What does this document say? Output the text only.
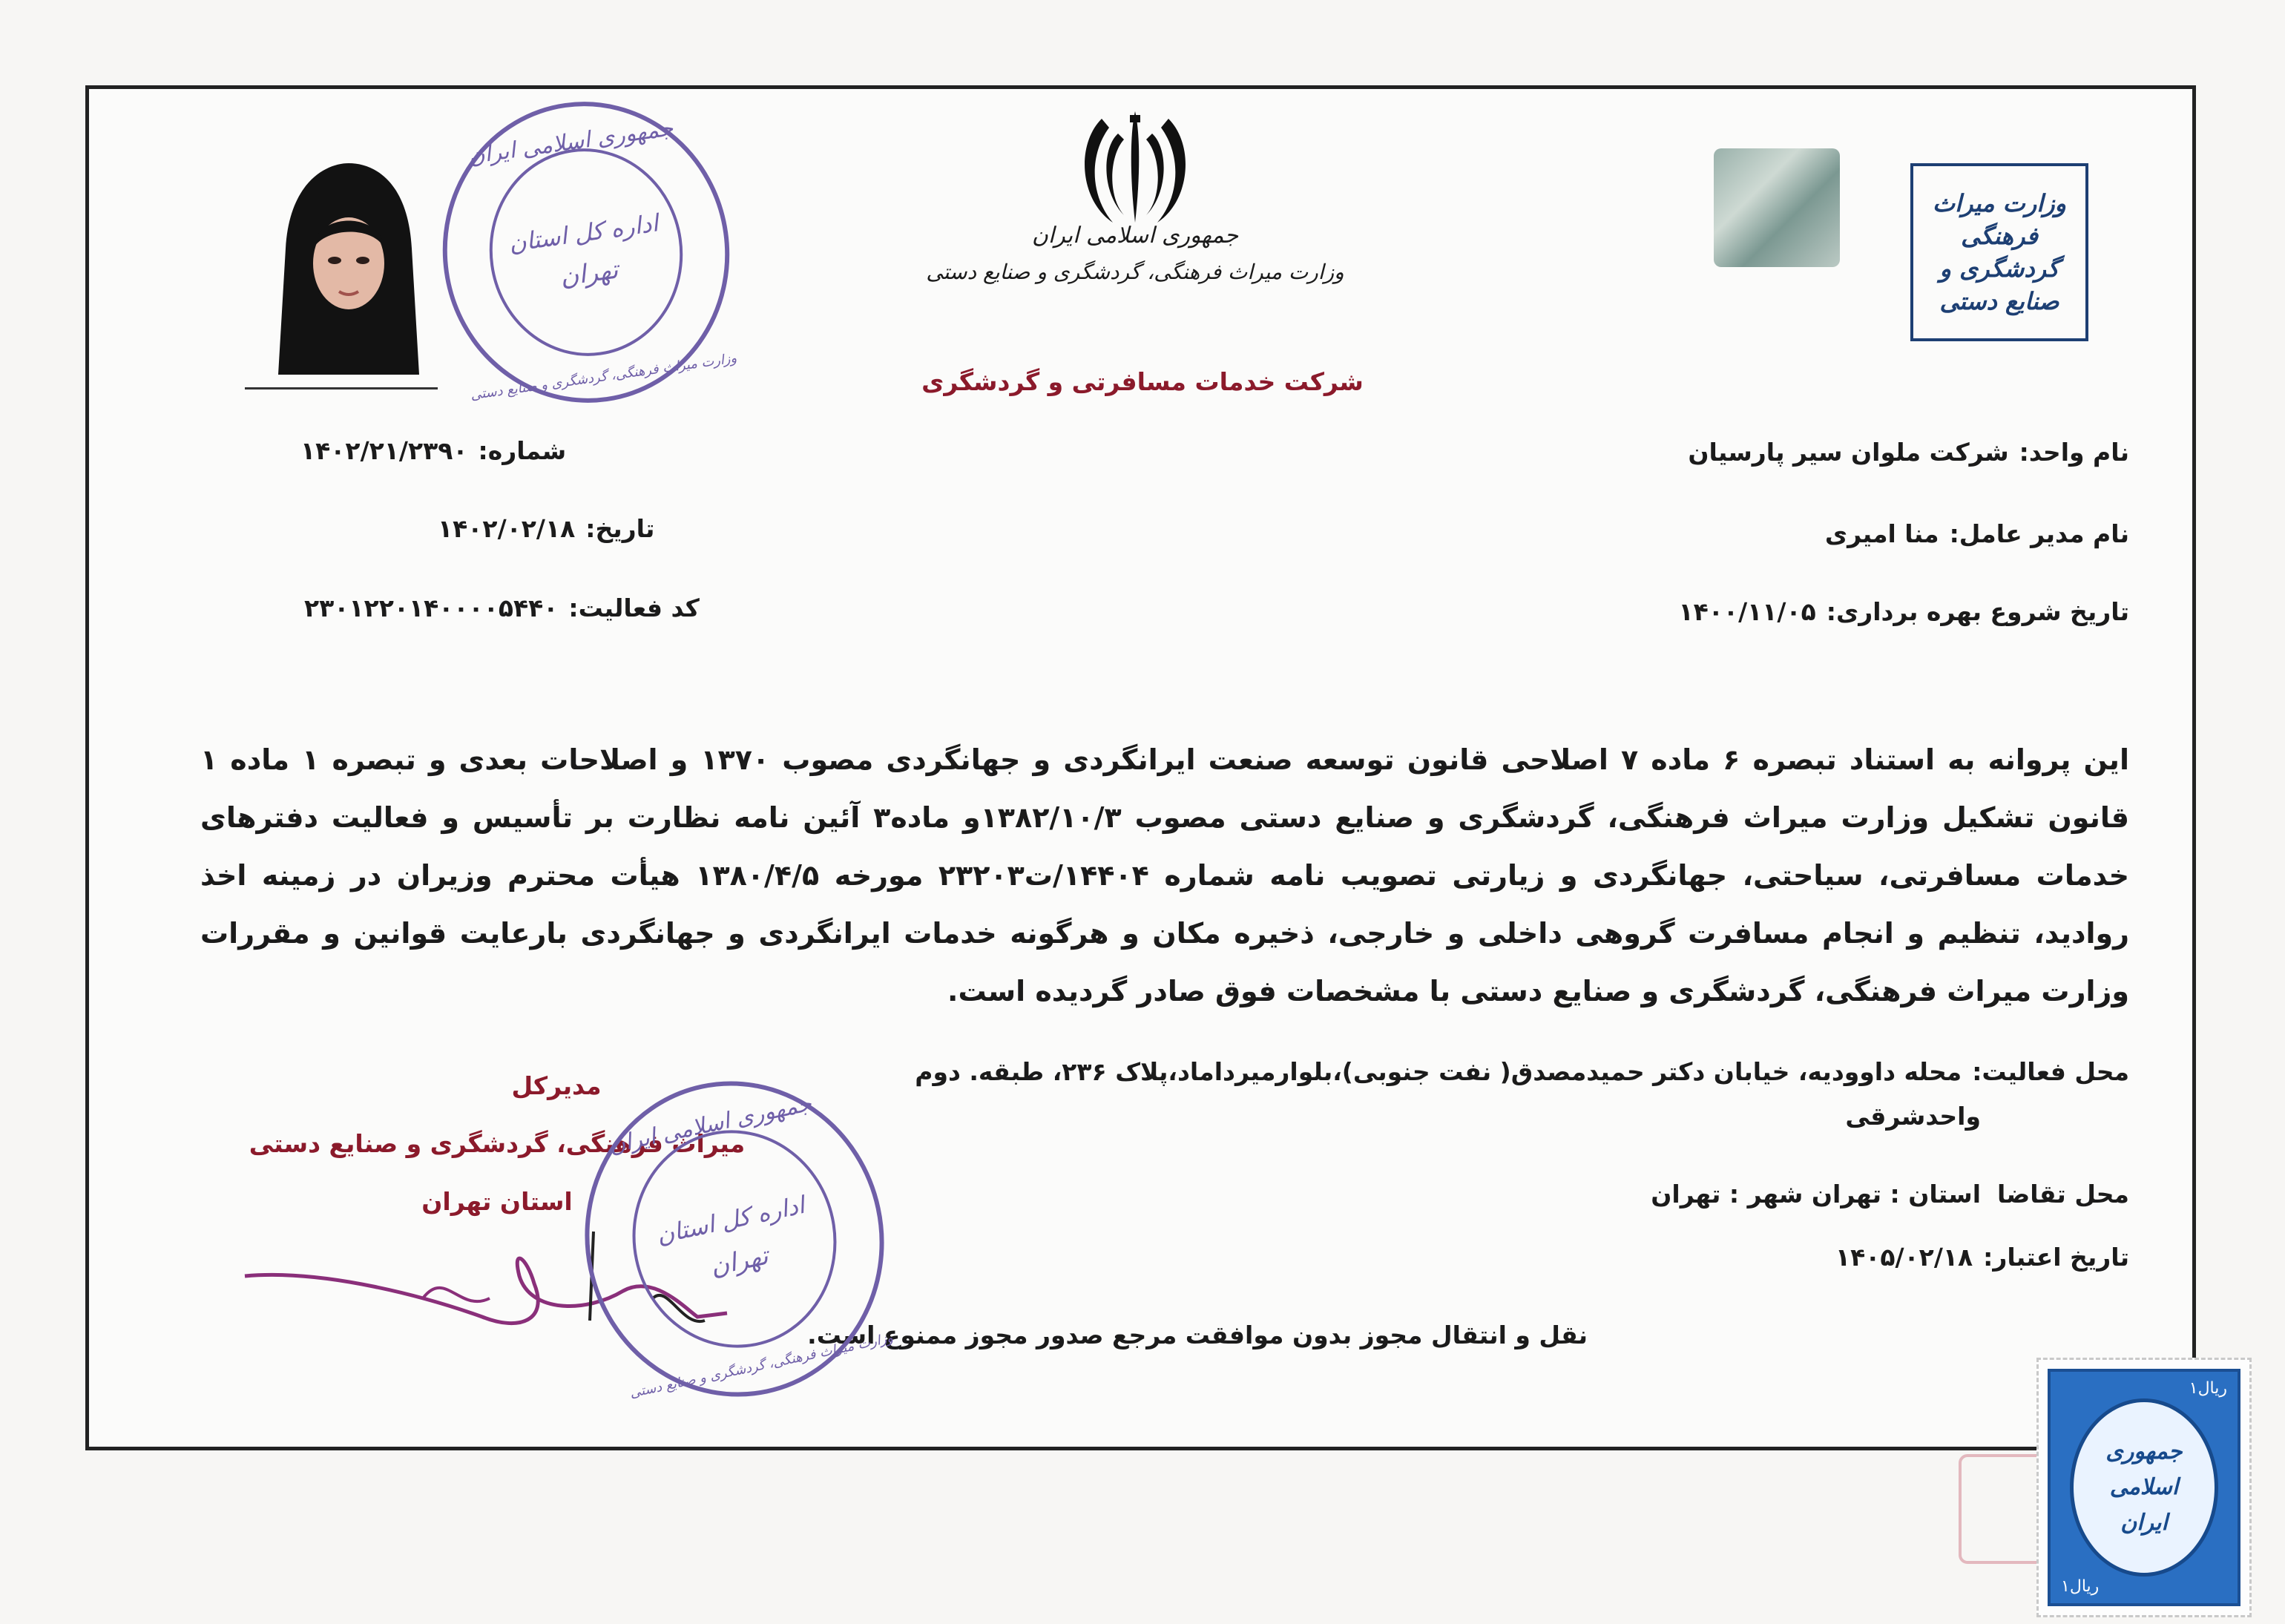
جمهوری اسلامی ایران
وزارت میراث فرهنگی، گردشگری و صنایع دستی
شرکت خدمات مسافرتی و گردشگری
وزارت میراث فرهنگی گردشگری و صنایع دستی
جمهوری اسلامی ایران
وزارت میراث فرهنگی، گردشگری و صنایع دستی
اداره کل استان
تهران
نام واحد:شرکت ملوان سیر پارسیان
نام مدیر عامل:منا امیری
تاریخ شروع بهره برداری:۱۴۰۰/۱۱/۰۵
شماره:۱۴۰۲/۲۱/۲۳۹۰
تاریخ:۱۴۰۲/۰۲/۱۸
کد فعالیت:۲۳۰۱۲۲۰۱۴۰۰۰۰۵۴۴۰
این پروانه به استناد تبصره ۶ ماده ۷ اصلاحی قانون توسعه صنعت ایرانگردی و جهانگردی مصوب ۱۳۷۰ و اصلاحات بعدی و تبصره ۱ ماده ۱ قانون تشکیل وزارت میراث فرهنگی، گردشگری و صنایع دستی مصوب ۱۳۸۲/۱۰/۳و ماده۳ آئین نامه نظارت بر تأسیس و فعالیت دفترهای خدمات مسافرتی، سیاحتی، جهانگردی و زیارتی تصویب نامه شماره ۱۴۴۰۴/ت۲۳۲۰۳ مورخه ۱۳۸۰/۴/۵ هیأت محترم وزیران در زمینه اخذ روادید، تنظیم و انجام مسافرت گروهی داخلی و خارجی، ذخیره مکان و هرگونه خدمات ایرانگردی و جهانگردی بارعایت قوانین و مقررات وزارت میراث فرهنگی، گردشگری و صنایع دستی با مشخصات فوق صادر گردیده است.
محل فعالیت:محله داوودیه، خیابان دکتر حمیدمصدق( نفت جنوبی)،بلوارمیرداماد،پلاک ۲۳۶، طبقه. دوم
واحدشرقی
محل تقاضااستان : تهران شهر : تهران
تاریخ اعتبار:۱۴۰۵/۰۲/۱۸
نقل و انتقال مجوز بدون موافقت مرجع صدور مجوز ممنوع است.
مدیرکل
میراث فرهنگی، گردشگری و صنایع دستی
استان تهران
جمهوری اسلامی ایران
وزارت میراث فرهنگی، گردشگری و صنایع دستی
اداره کل استان
تهران
۱ریال
۱ریال
جمهوری
اسلامی
ایران
